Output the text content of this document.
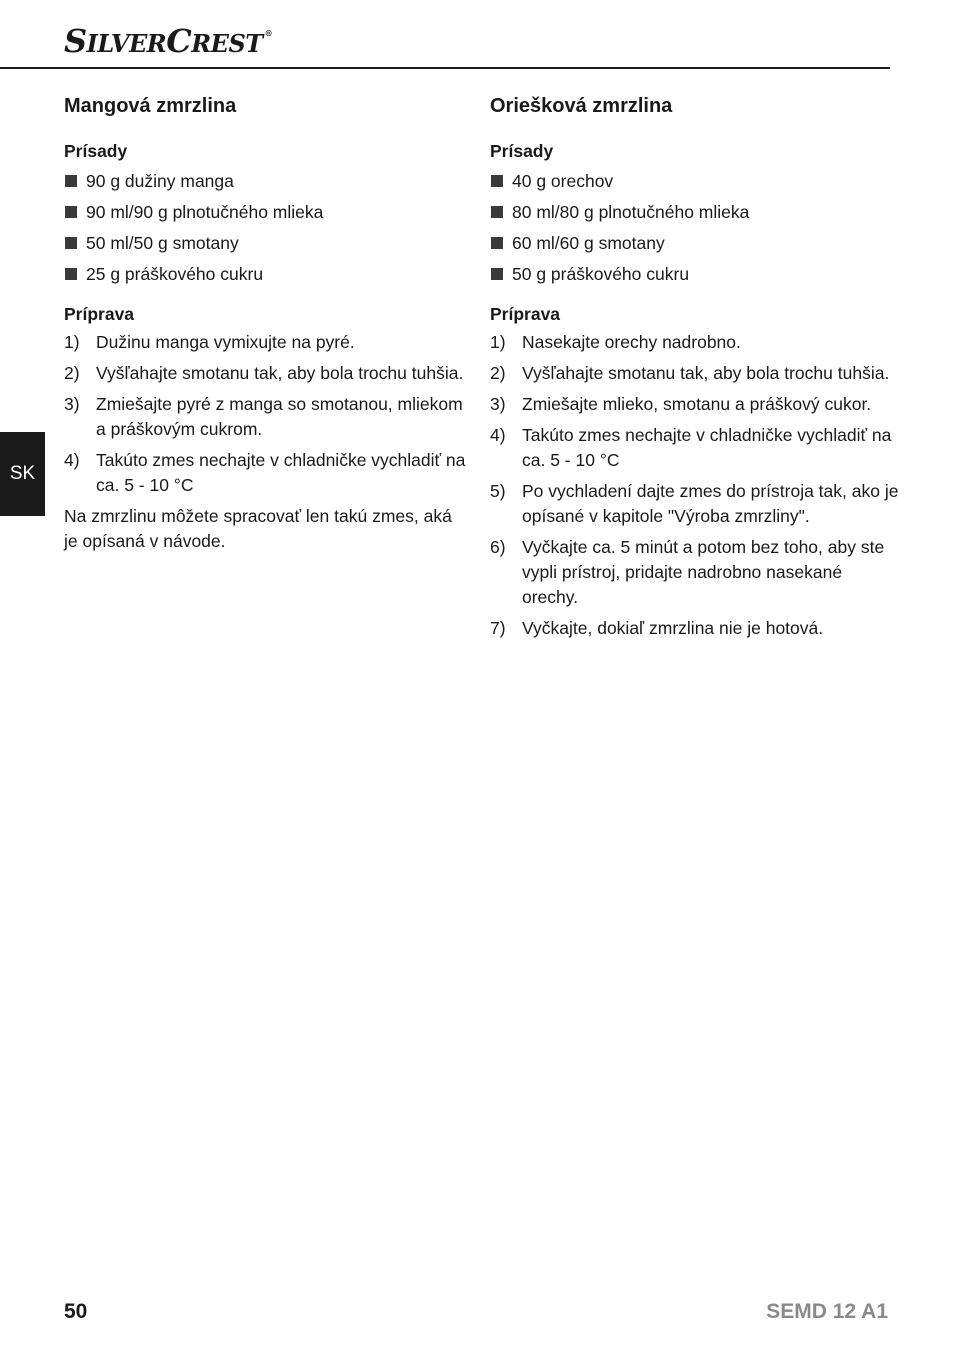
S ILVER C REST ®
SK
Mangová zmrzlina
Prísady
90 g dužiny manga
90 ml/90 g plnotučného mlieka
50 ml/50 g smotany
25 g práškového cukru
Príprava
1) Dužinu manga vymixujte na pyré.
2) Vyšľahajte smotanu tak, aby bola trochu tuhšia.
3) Zmiešajte pyré z manga so smotanou, mliekom a práškovým cukrom.
4) Takúto zmes nechajte v chladničke vychladiť na ca. 5 - 10 °C

Na zmrzlinu môžete spracovať len takú zmes, aká je opísaná v návode.

Oriešková zmrzlina
Prísady
40 g orechov
80 ml/80 g plnotučného mlieka
60 ml/60 g smotany
50 g práškového cukru
Príprava
1) Nasekajte orechy nadrobno.
2) Vyšľahajte smotanu tak, aby bola trochu tuhšia.
3) Zmiešajte mlieko, smotanu a práškový cukor.
4) Takúto zmes nechajte v chladničke vychladiť na ca. 5 - 10 °C
5) Po vychladení dajte zmes do prístroja tak, ako je opísané v kapitole "Výroba zmrzliny".
6) Vyčkajte ca. 5 minút a potom bez toho, aby ste vypli prístroj, pridajte nadrobno nasekané orechy.
7) Vyčkajte, dokiaľ zmrzlina nie je hotová.
50	SEMD 12 A1
